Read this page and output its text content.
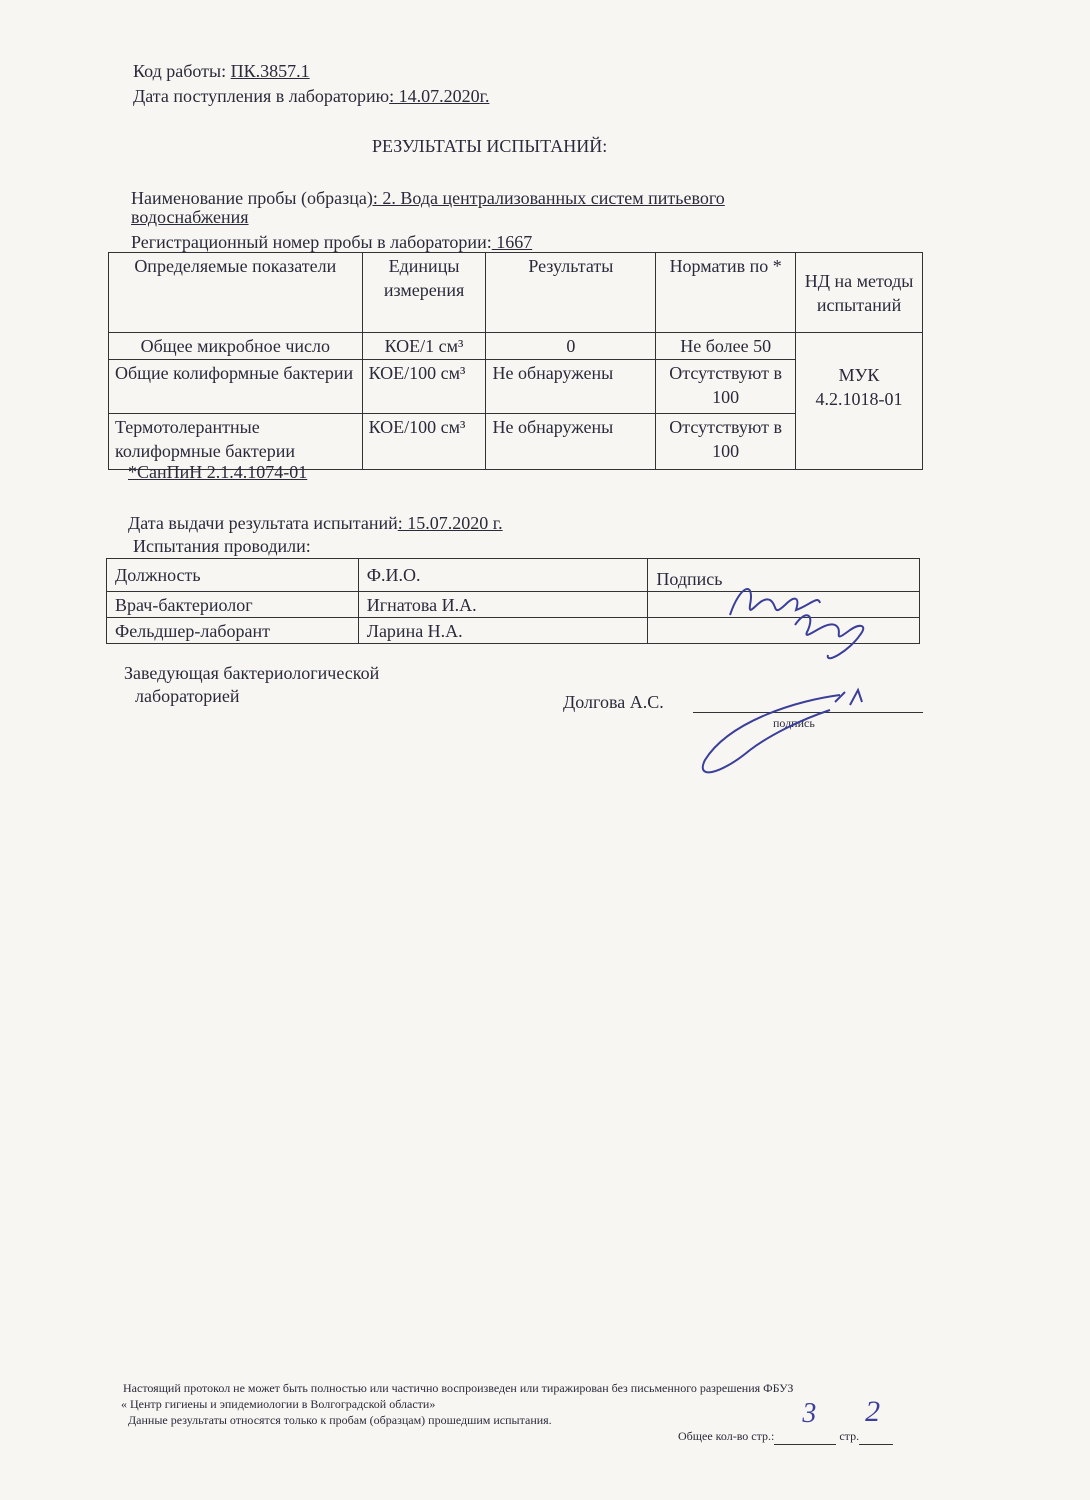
Код работы: ПК.3857.1
Дата поступления в лабораторию: 14.07.2020г.
РЕЗУЛЬТАТЫ ИСПЫТАНИЙ:
Наименование пробы (образца): 2. Вода централизованных систем питьевого
водоснабжения
Регистрационный номер пробы в лаборатории: 1667
Определяемые показатели	Единицы измерения	Результаты	Норматив по *	НД на методы испытаний
Общее микробное число	КОЕ/1 см³	0	Не более 50	МУК 4.2.1018-01
Общие колиформные бактерии	КОЕ/100 см³	Не обнаружены	Отсутствуют в 100	
Термотолерантные колиформные бактерии	КОЕ/100 см³	Не обнаружены	Отсутствуют в 100	
*СанПиН 2.1.4.1074-01
Дата выдачи результата испытаний: 15.07.2020 г.
Испытания проводили:
Должность	Ф.И.О.	Подпись
Врач-бактериолог	Игнатова И.А.	
Фельдшер-лаборант	Ларина Н.А.	
Заведующая бактериологической
лабораторией	Долгова А.С.
подпись
Настоящий протокол не может быть полностью или частично воспроизведен или тиражирован без письменного разрешения ФБУЗ
« Центр гигиены и эпидемиологии в Волгоградской области»
Данные результаты относятся только к пробам (образцам) прошедшим испытания.
Общее кол-во стр.:
3
стр.
2
